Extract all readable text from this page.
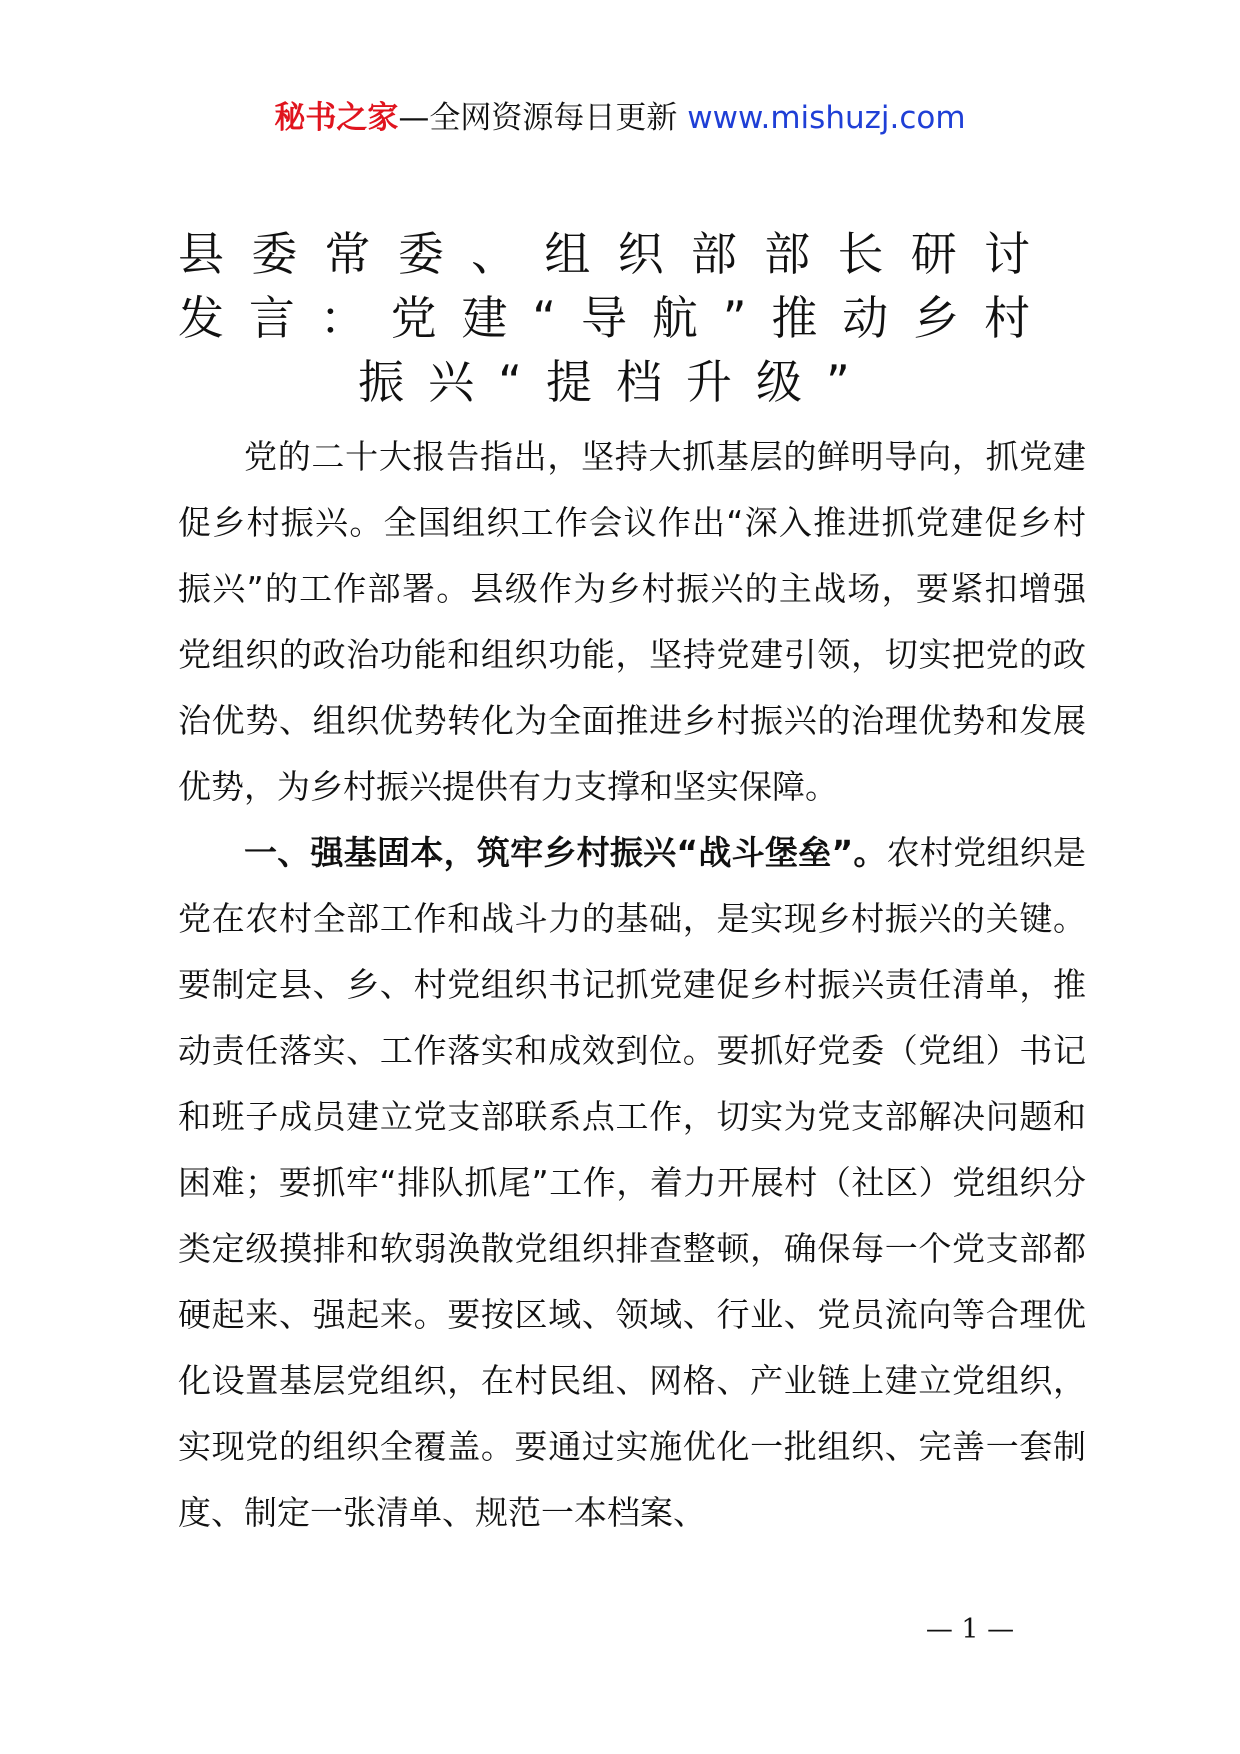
秘书之家—全网资源每日更新 www.mishuzj.com
县委常委、组织部部长研讨发言：党建“导航”推动乡村振兴“提档升级”

党的二十大报告指出，坚持大抓基层的鲜明导向，抓党建促乡村振兴。全国组织工作会议作出“深入推进抓党建促乡村振兴”的工作部署。县级作为乡村振兴的主战场，要紧扣增强党组织的政治功能和组织功能，坚持党建引领，切实把党的政治优势、组织优势转化为全面推进乡村振兴的治理优势和发展优势，为乡村振兴提供有力支撑和坚实保障。

一、强基固本，筑牢乡村振兴“战斗堡垒”。农村党组织是党在农村全部工作和战斗力的基础，是实现乡村振兴的关键。要制定县、乡、村党组织书记抓党建促乡村振兴责任清单，推动责任落实、工作落实和成效到位。要抓好党委（党组）书记和班子成员建立党支部联系点工作，切实为党支部解决问题和困难；要抓牢“排队抓尾”工作，着力开展村（社区）党组织分类定级摸排和软弱涣散党组织排查整顿，确保每一个党支部都硬起来、强起来。要按区域、领域、行业、党员流向等合理优化设置基层党组织，在村民组、网格、产业链上建立党组织，实现党的组织全覆盖。要通过实施优化一批组织、完善一套制度、制定一张清单、规范一本档案、

— 1 —
